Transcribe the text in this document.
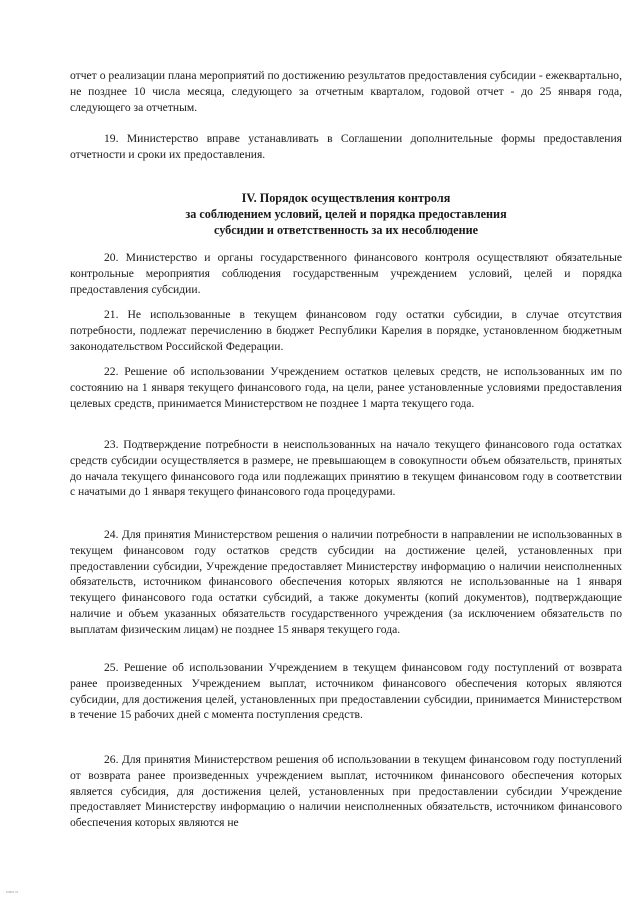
отчет о реализации плана мероприятий по достижению результатов предоставления субсидии - ежеквартально, не позднее 10 числа месяца, следующего за отчетным кварталом, годовой отчет - до 25 января года, следующего за отчетным.

19. Министерство вправе устанавливать в Соглашении дополнительные формы предоставления отчетности и сроки их предоставления.

IV. Порядок осуществления контроля
за соблюдением условий, целей и порядка предоставления
субсидии и ответственность за их несоблюдение

20. Министерство и органы государственного финансового контроля осуществляют обязательные контрольные мероприятия соблюдения государственным учреждением условий, целей и порядка предоставления субсидии.

21. Не использованные в текущем финансовом году остатки субсидии, в случае отсутствия потребности, подлежат перечислению в бюджет Республики Карелия в порядке, установленном бюджетным законодательством Российской Федерации.

22. Решение об использовании Учреждением остатков целевых средств, не использованных им по состоянию на 1 января текущего финансового года, на цели, ранее установленные условиями предоставления целевых средств, принимается Министерством не позднее 1 марта текущего года.

23. Подтверждение потребности в неиспользованных на начало текущего финансового года остатках средств субсидии осуществляется в размере, не превышающем в совокупности объем обязательств, принятых до начала текущего финансового года или подлежащих принятию в текущем финансовом году в соответствии с начатыми до 1 января текущего финансового года процедурами.

24. Для принятия Министерством решения о наличии потребности в направлении не использованных в текущем финансовом году остатков средств субсидии на достижение целей, установленных при предоставлении субсидии, Учреждение предоставляет Министерству информацию о наличии неисполненных обязательств, источником финансового обеспечения которых являются не использованные на 1 января текущего финансового года остатки субсидий, а также документы (копий документов), подтверждающие наличие и объем указанных обязательств государственного учреждения (за исключением обязательств по выплатам физическим лицам) не позднее 15 января текущего года.

25. Решение об использовании Учреждением в текущем финансовом году поступлений от возврата ранее произведенных Учреждением выплат, источником финансового обеспечения которых являются субсидии, для достижения целей, установленных при предоставлении субсидии, принимается Министерством в течение 15 рабочих дней с момента поступления средств.

26. Для принятия Министерством решения об использовании в текущем финансовом году поступлений от возврата ранее произведенных учреждением выплат, источником финансового обеспечения которых является субсидия, для достижения целей, установленных при предоставлении субсидии Учреждение предоставляет Министерству информацию о наличии неисполненных обязательств, источником финансового обеспечения которых являются не

▫▫▫ ▫
